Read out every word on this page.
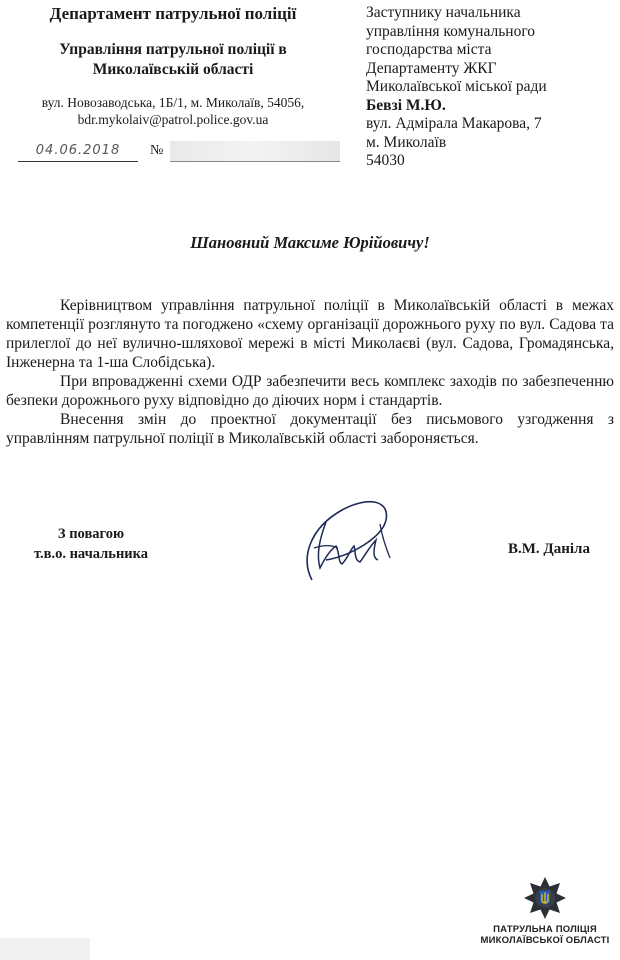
Департамент патрульної поліції
Управління патрульної поліції в
Миколаївській області
вул. Новозаводська, 1Б/1, м. Миколаїв, 54056,
bdr.mykolaiv@patrol.police.gov.ua
04.06.2018	№
Заступнику начальника
управління комунального
господарства міста
Департаменту ЖКГ
Миколаївської міської ради
Бевзі М.Ю.
вул. Адмірала Макарова, 7
м. Миколаїв
54030
Шановний Максиме Юрійовичу!

Керівництвом управління патрульної поліції в Миколаївській області в межах компетенції розглянуто та погоджено «схему організації дорожнього руху по вул. Садова та прилеглої до неї вулично-шляхової мережі в місті Миколаєві (вул. Садова, Громадянська, Інженерна та 1-ша Слобідська).

При впровадженні схеми ОДР забезпечити весь комплекс заходів по забезпеченню безпеки дорожнього руху відповідно до діючих норм і стандартів.

Внесення змін до проектної документації без письмового узгодження з управлінням патрульної поліції в Миколаївській області забороняється.

З повагою
т.в.о. начальника	В.М. Даніла
ПАТРУЛЬНА ПОЛІЦІЯ
МИКОЛАЇВСЬКОЇ ОБЛАСТІ
